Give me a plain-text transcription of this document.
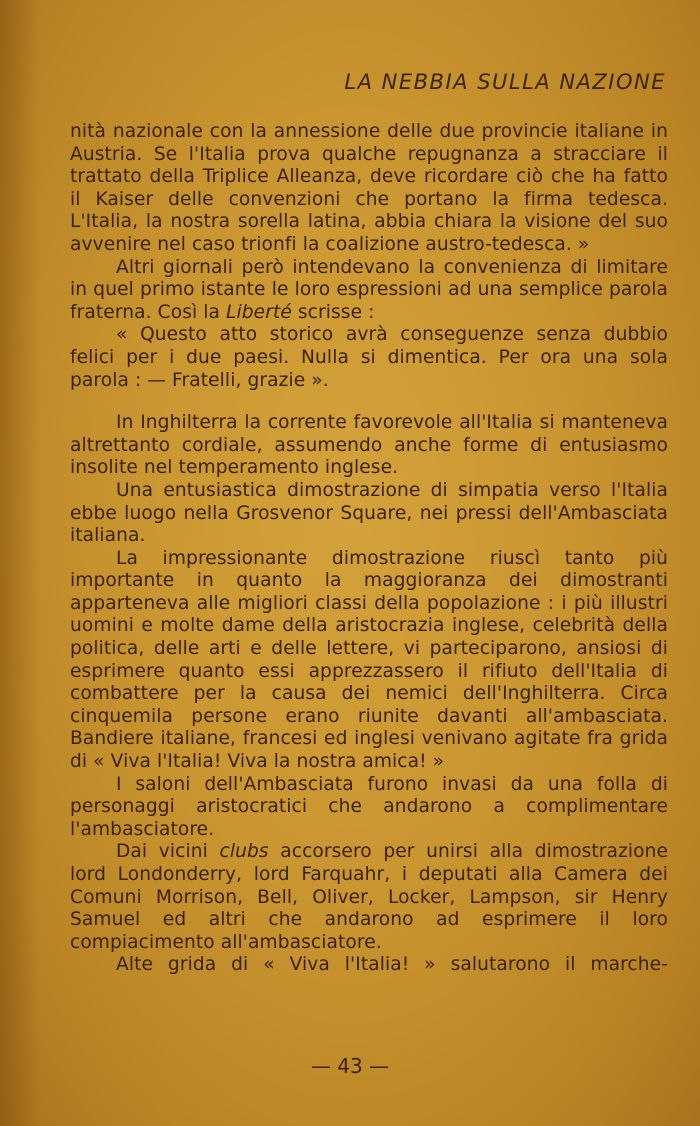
LA NEBBIA SULLA NAZIONE

nità nazionale con la annessione delle due provincie italiane in Austria. Se l'Italia prova qualche repugnanza a stracciare il trattato della Triplice Alleanza, deve ricordare ciò che ha fatto il Kaiser delle convenzioni che portano la firma tedesca. L'Italia, la nostra sorella latina, abbia chiara la visione del suo avvenire nel caso trionfi la coalizione austro-tedesca. »

Altri giornali però intendevano la convenienza di limitare in quel primo istante le loro espressioni ad una semplice parola fraterna. Così la Liberté scrisse :

« Questo atto storico avrà conseguenze senza dubbio felici per i due paesi. Nulla si dimentica. Per ora una sola parola : — Fratelli, grazie ».

In Inghilterra la corrente favorevole all'Italia si manteneva altrettanto cordiale, assumendo anche forme di entusiasmo insolite nel temperamento inglese.

Una entusiastica dimostrazione di simpatia verso l'Italia ebbe luogo nella Grosvenor Square, nei pressi dell'Ambasciata italiana.

La impressionante dimostrazione riuscì tanto più importante in quanto la maggioranza dei dimostranti apparteneva alle migliori classi della popolazione : i più illustri uomini e molte dame della aristocrazia inglese, celebrità della politica, delle arti e delle lettere, vi parteciparono, ansiosi di esprimere quanto essi apprezzassero il rifiuto dell'Italia di combattere per la causa dei nemici dell'Inghilterra. Circa cinquemila persone erano riunite davanti all'ambasciata. Bandiere italiane, francesi ed inglesi venivano agitate fra grida di « Viva l'Italia! Viva la nostra amica! »

I saloni dell'Ambasciata furono invasi da una folla di personaggi aristocratici che andarono a complimentare l'ambasciatore.

Dai vicini clubs accorsero per unirsi alla dimostrazione lord Londonderry, lord Farquahr, i deputati alla Camera dei Comuni Morrison, Bell, Oliver, Locker, Lampson, sir Henry Samuel ed altri che andarono ad esprimere il loro compiacimento all'ambasciatore.

Alte grida di « Viva l'Italia! » salutarono il marche-

— 43 —
